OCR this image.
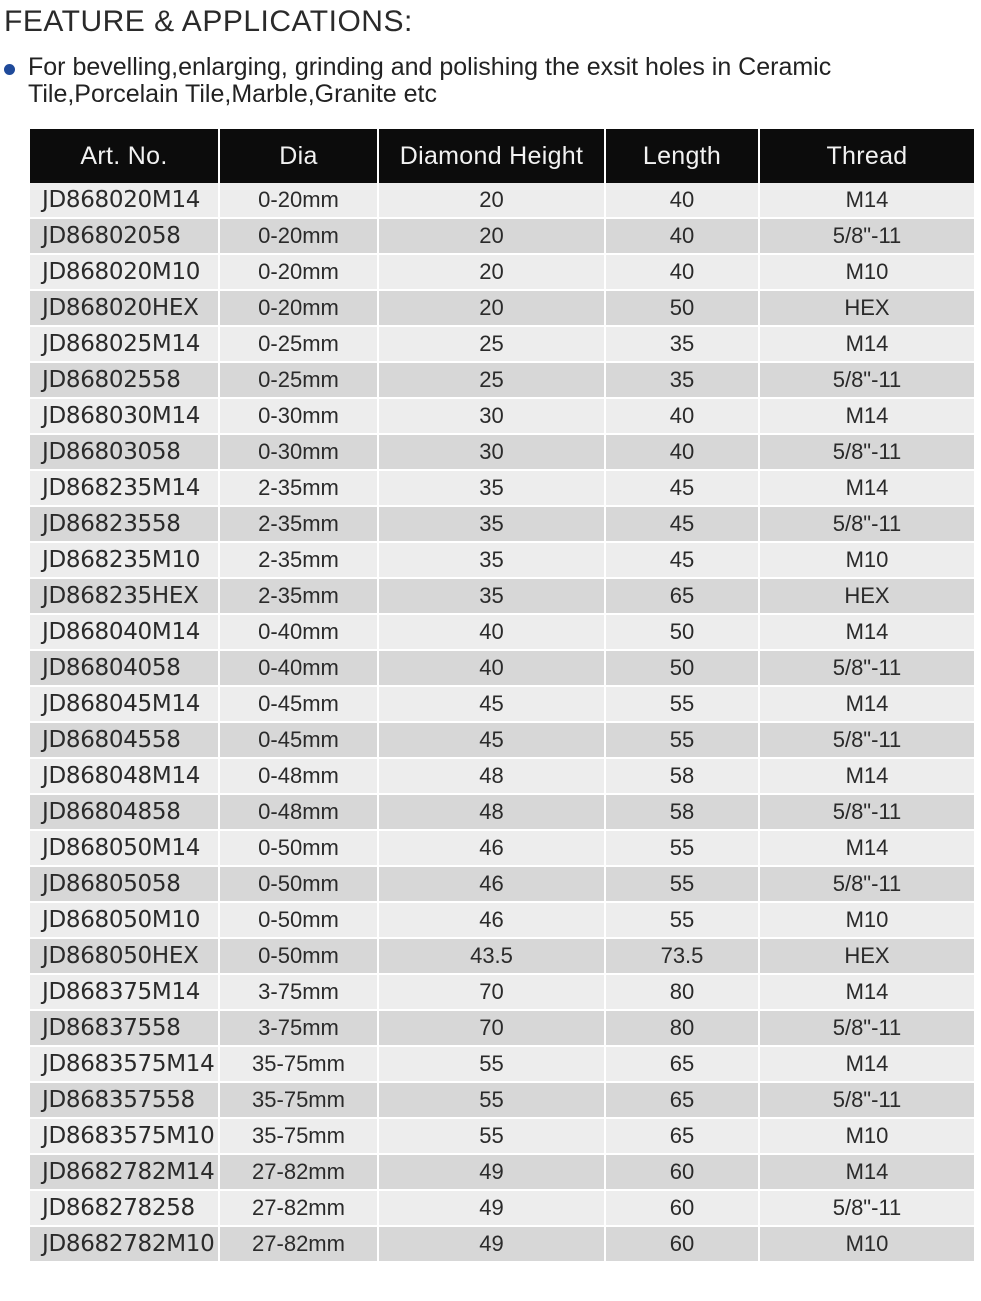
FEATURE & APPLICATIONS:
For bevelling,enlarging, grinding and polishing the exsit holes in Ceramic Tile,Porcelain Tile,Marble,Granite etc
Art. No.	Dia	Diamond Height	Length	Thread
JD868020M14	0-20mm	20	40	M14
JD86802058	0-20mm	20	40	5/8"-11
JD868020M10	0-20mm	20	40	M10
JD868020HEX	0-20mm	20	50	HEX
JD868025M14	0-25mm	25	35	M14
JD86802558	0-25mm	25	35	5/8"-11
JD868030M14	0-30mm	30	40	M14
JD86803058	0-30mm	30	40	5/8"-11
JD868235M14	2-35mm	35	45	M14
JD86823558	2-35mm	35	45	5/8"-11
JD868235M10	2-35mm	35	45	M10
JD868235HEX	2-35mm	35	65	HEX
JD868040M14	0-40mm	40	50	M14
JD86804058	0-40mm	40	50	5/8"-11
JD868045M14	0-45mm	45	55	M14
JD86804558	0-45mm	45	55	5/8"-11
JD868048M14	0-48mm	48	58	M14
JD86804858	0-48mm	48	58	5/8"-11
JD868050M14	0-50mm	46	55	M14
JD86805058	0-50mm	46	55	5/8"-11
JD868050M10	0-50mm	46	55	M10
JD868050HEX	0-50mm	43.5	73.5	HEX
JD868375M14	3-75mm	70	80	M14
JD86837558	3-75mm	70	80	5/8"-11
JD8683575M14	35-75mm	55	65	M14
JD868357558	35-75mm	55	65	5/8"-11
JD8683575M10	35-75mm	55	65	M10
JD8682782M14	27-82mm	49	60	M14
JD868278258	27-82mm	49	60	5/8"-11
JD8682782M10	27-82mm	49	60	M10
